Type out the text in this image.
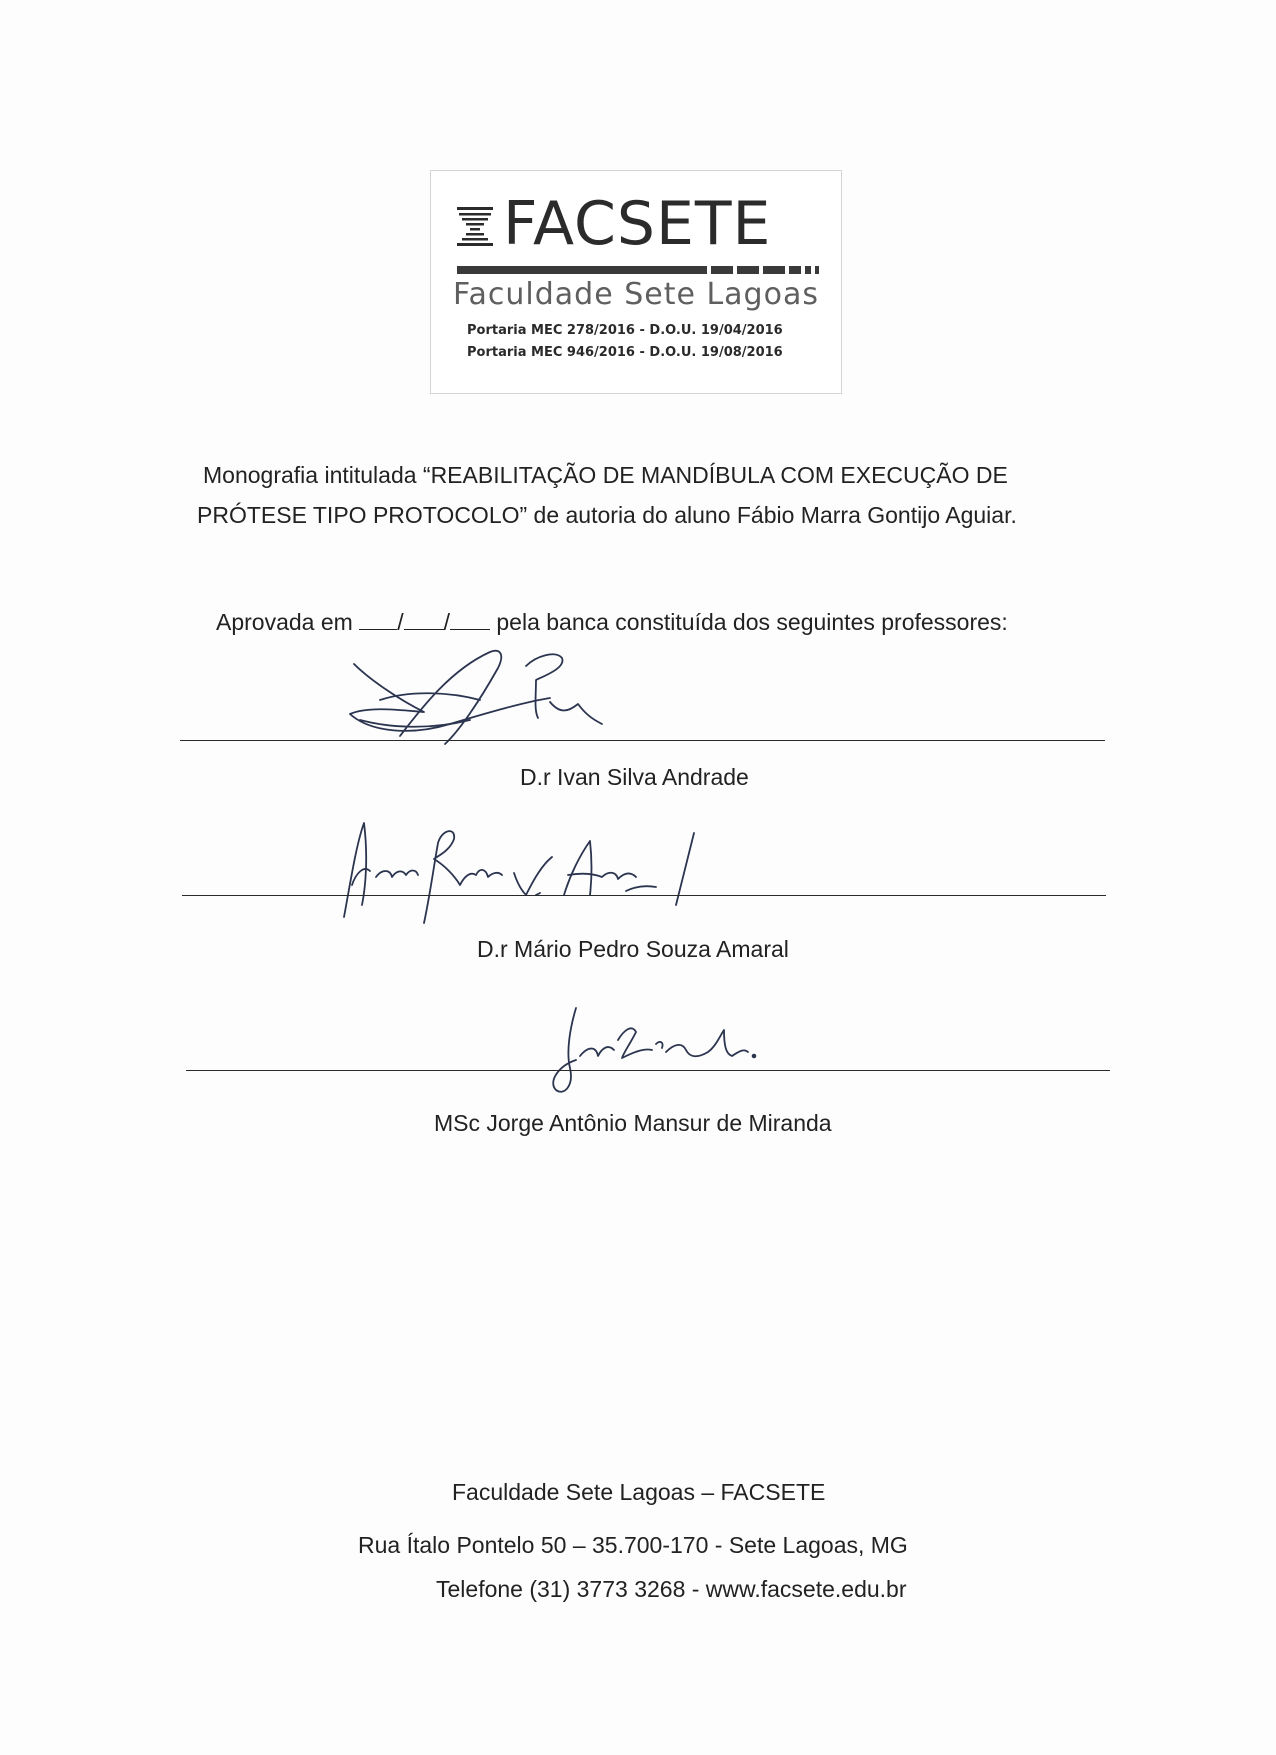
FACSETE
Faculdade Sete Lagoas
Portaria MEC 278/2016 - D.O.U. 19/04/2016
Portaria MEC 946/2016 - D.O.U. 19/08/2016
Monografia intitulada “REABILITAÇÃO DE MANDÍBULA COM EXECUÇÃO DE
PRÓTESE TIPO PROTOCOLO” de autoria do aluno Fábio Marra Gontijo Aguiar.
Aprovada em / / pela banca constituída dos seguintes professores:
D.r Ivan Silva Andrade
D.r Mário Pedro Souza Amaral
MSc Jorge Antônio Mansur de Miranda
Faculdade Sete Lagoas – FACSETE
Rua Ítalo Pontelo 50 – 35.700-170 - Sete Lagoas, MG
Telefone (31) 3773 3268 - www.facsete.edu.br
